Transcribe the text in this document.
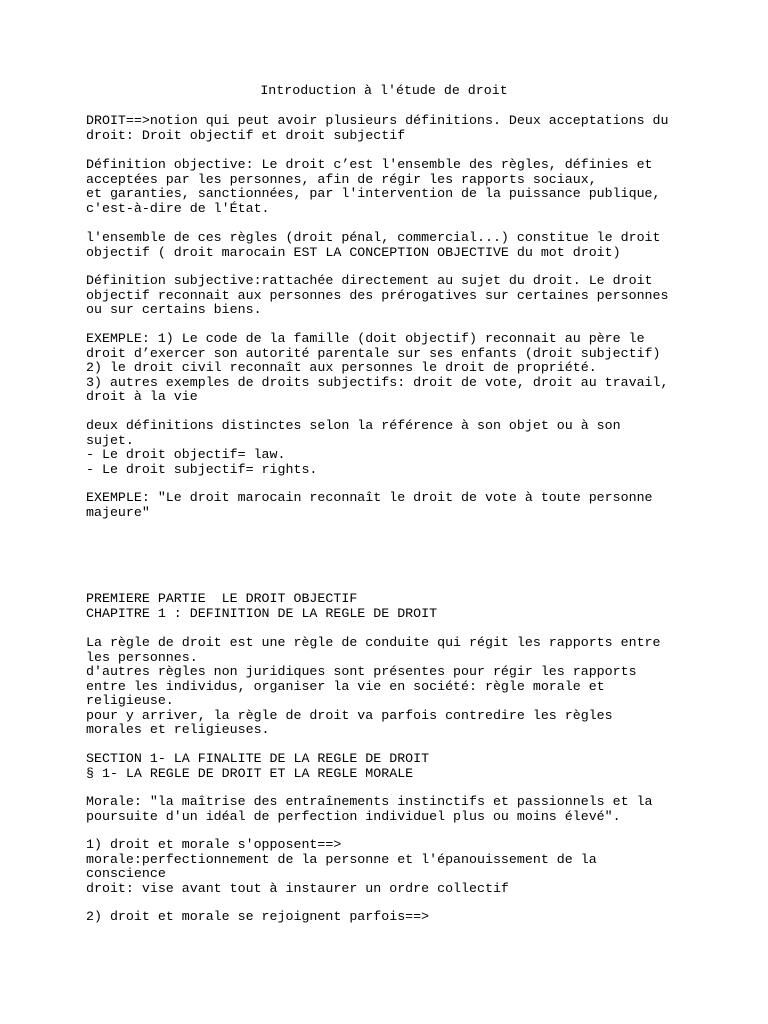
Introduction à l'étude de droit
DROIT==>notion qui peut avoir plusieurs définitions. Deux acceptations du
droit: Droit objectif et droit subjectif
Définition objective: Le droit c’est l'ensemble des règles, définies et
acceptées par les personnes, afin de régir les rapports sociaux,
et garanties, sanctionnées, par l'intervention de la puissance publique,
c'est-à-dire de l'État.
l'ensemble de ces règles (droit pénal, commercial...) constitue le droit
objectif ( droit marocain EST LA CONCEPTION OBJECTIVE du mot droit)
Définition subjective:rattachée directement au sujet du droit. Le droit
objectif reconnait aux personnes des prérogatives sur certaines personnes
ou sur certains biens.
EXEMPLE: 1) Le code de la famille (doit objectif) reconnait au père le
droit d’exercer son autorité parentale sur ses enfants (droit subjectif)
2) le droit civil reconnaît aux personnes le droit de propriété.
3) autres exemples de droits subjectifs: droit de vote, droit au travail,
droit à la vie
deux définitions distinctes selon la référence à son objet ou à son
sujet.
- Le droit objectif= law.
- Le droit subjectif= rights.
EXEMPLE: "Le droit marocain reconnaît le droit de vote à toute personne
majeure"
PREMIERE PARTIE  LE DROIT OBJECTIF
CHAPITRE 1 : DEFINITION DE LA REGLE DE DROIT
La règle de droit est une règle de conduite qui régit les rapports entre
les personnes.
d'autres règles non juridiques sont présentes pour régir les rapports
entre les individus, organiser la vie en société: règle morale et
religieuse.
pour y arriver, la règle de droit va parfois contredire les règles
morales et religieuses.
SECTION 1- LA FINALITE DE LA REGLE DE DROIT
§ 1- LA REGLE DE DROIT ET LA REGLE MORALE
Morale: "la maîtrise des entraînements instinctifs et passionnels et la
poursuite d'un idéal de perfection individuel plus ou moins élevé".
1) droit et morale s'opposent==>
morale:perfectionnement de la personne et l'épanouissement de la
conscience
droit: vise avant tout à instaurer un ordre collectif
2) droit et morale se rejoignent parfois==>
